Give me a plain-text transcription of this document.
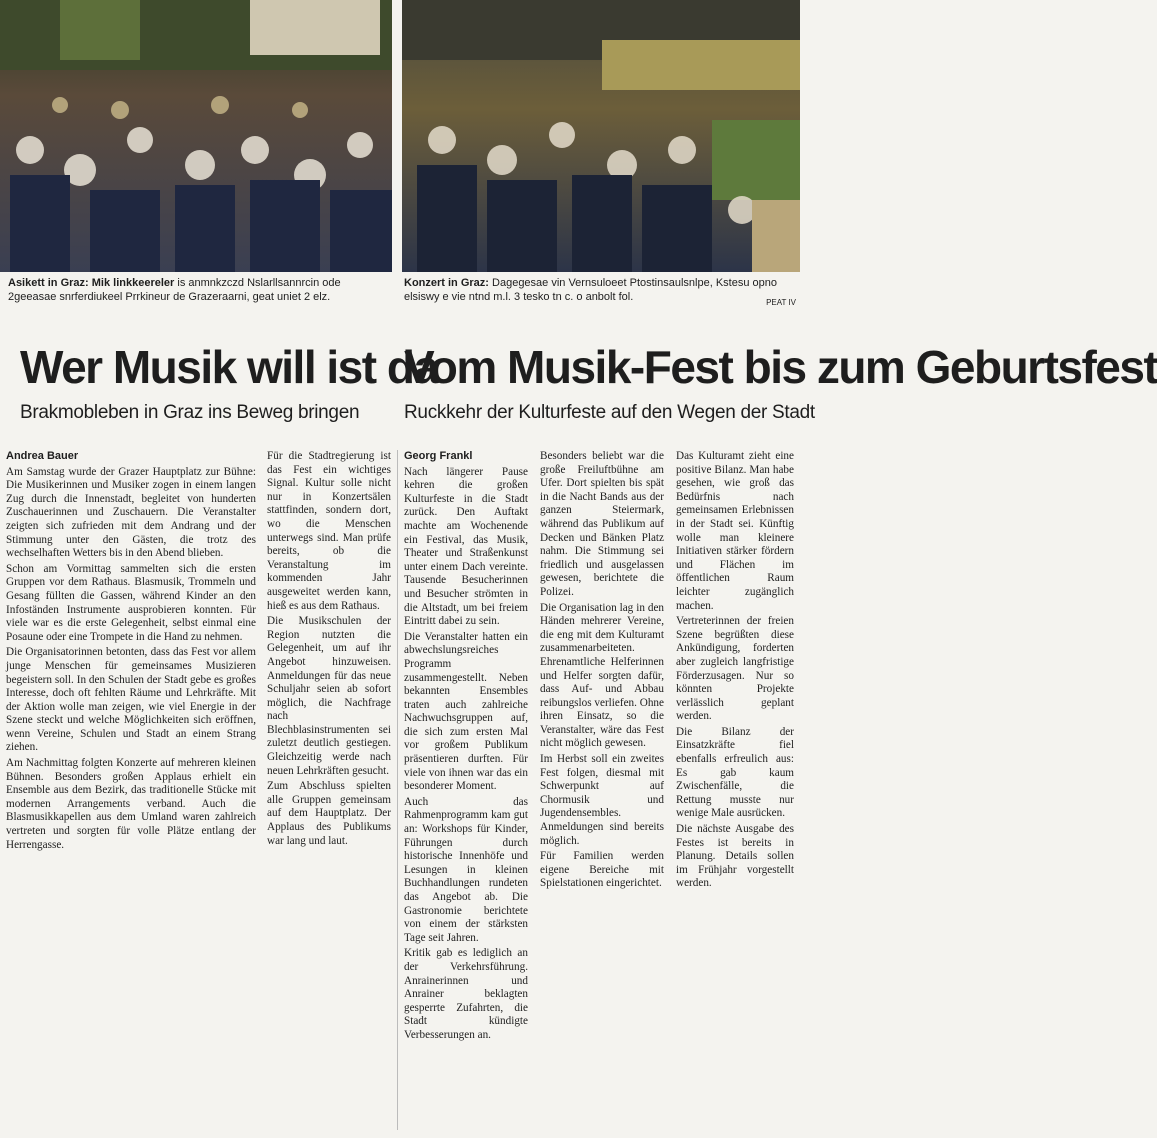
Asikett in Graz: Mik linkkeereler is anmnkzczd Nslarllsannrcin ode 2geeasae snrferdiukeel Prrkineur de Grazeraarni, geat uniet 2 elz.
Konzert in Graz: Dagegesae vin Vernsuloeet Ptostinsaulsnlpe, Kstesu opno elsiswy e vie ntnd m.l. 3 tesko tn c. o anbolt fol.	PEAT IV
Wer Musik will ist da
Vom Musik-Fest bis zum Geburtsfest
Brakmobleben in Graz ins Beweg bringen Ruckkehr der Kulturfeste auf den Wegen der Stadt

Andrea Bauer

Am Samstag wurde der Grazer Hauptplatz zur Bühne: Die Musikerinnen und Musiker zogen in einem langen Zug durch die Innenstadt, begleitet von hunderten Zuschauerinnen und Zuschauern. Die Veranstalter zeigten sich zufrieden mit dem Andrang und der Stimmung unter den Gästen, die trotz des wechselhaften Wetters bis in den Abend blieben.

Schon am Vormittag sammelten sich die ersten Gruppen vor dem Rathaus. Blasmusik, Trommeln und Gesang füllten die Gassen, während Kinder an den Infoständen Instrumente ausprobieren konnten. Für viele war es die erste Gelegenheit, selbst einmal eine Posaune oder eine Trompete in die Hand zu nehmen.

Die Organisatorinnen betonten, dass das Fest vor allem junge Menschen für gemeinsames Musizieren begeistern soll. In den Schulen der Stadt gebe es großes Interesse, doch oft fehlten Räume und Lehrkräfte. Mit der Aktion wolle man zeigen, wie viel Energie in der Szene steckt und welche Möglichkeiten sich eröffnen, wenn Vereine, Schulen und Stadt an einem Strang ziehen.

Am Nachmittag folgten Konzerte auf mehreren kleinen Bühnen. Besonders großen Applaus erhielt ein Ensemble aus dem Bezirk, das traditionelle Stücke mit modernen Arrangements verband. Auch die Blasmusikkapellen aus dem Umland waren zahlreich vertreten und sorgten für volle Plätze entlang der Herrengasse.

Für die Stadtregierung ist das Fest ein wichtiges Signal. Kultur solle nicht nur in Konzertsälen stattfinden, sondern dort, wo die Menschen unterwegs sind. Man prüfe bereits, ob die Veranstaltung im kommenden Jahr ausgeweitet werden kann, hieß es aus dem Rathaus.

Die Musikschulen der Region nutzten die Gelegenheit, um auf ihr Angebot hinzuweisen. Anmeldungen für das neue Schuljahr seien ab sofort möglich, die Nachfrage nach Blechblasinstrumenten sei zuletzt deutlich gestiegen. Gleichzeitig werde nach neuen Lehrkräften gesucht.

Zum Abschluss spielten alle Gruppen gemeinsam auf dem Hauptplatz. Der Applaus des Publikums war lang und laut.

Georg Frankl

Nach längerer Pause kehren die großen Kulturfeste in die Stadt zurück. Den Auftakt machte am Wochenende ein Festival, das Musik, Theater und Straßenkunst unter einem Dach vereinte. Tausende Besucherinnen und Besucher strömten in die Altstadt, um bei freiem Eintritt dabei zu sein.

Die Veranstalter hatten ein abwechslungsreiches Programm zusammengestellt. Neben bekannten Ensembles traten auch zahlreiche Nachwuchsgruppen auf, die sich zum ersten Mal vor großem Publikum präsentieren durften. Für viele von ihnen war das ein besonderer Moment.

Auch das Rahmenprogramm kam gut an: Workshops für Kinder, Führungen durch historische Innenhöfe und Lesungen in kleinen Buchhandlungen rundeten das Angebot ab. Die Gastronomie berichtete von einem der stärksten Tage seit Jahren.

Kritik gab es lediglich an der Verkehrsführung. Anrainerinnen und Anrainer beklagten gesperrte Zufahrten, die Stadt kündigte Verbesserungen an.

Besonders beliebt war die große Freiluftbühne am Ufer. Dort spielten bis spät in die Nacht Bands aus der ganzen Steiermark, während das Publikum auf Decken und Bänken Platz nahm. Die Stimmung sei friedlich und ausgelassen gewesen, berichtete die Polizei.

Die Organisation lag in den Händen mehrerer Vereine, die eng mit dem Kulturamt zusammenarbeiteten. Ehrenamtliche Helferinnen und Helfer sorgten dafür, dass Auf- und Abbau reibungslos verliefen. Ohne ihren Einsatz, so die Veranstalter, wäre das Fest nicht möglich gewesen.

Im Herbst soll ein zweites Fest folgen, diesmal mit Schwerpunkt auf Chormusik und Jugendensembles. Anmeldungen sind bereits möglich.

Für Familien werden eigene Bereiche mit Spielstationen eingerichtet.

Das Kulturamt zieht eine positive Bilanz. Man habe gesehen, wie groß das Bedürfnis nach gemeinsamen Erlebnissen in der Stadt sei. Künftig wolle man kleinere Initiativen stärker fördern und Flächen im öffentlichen Raum leichter zugänglich machen.

Vertreterinnen der freien Szene begrüßten diese Ankündigung, forderten aber zugleich langfristige Förderzusagen. Nur so könnten Projekte verlässlich geplant werden.

Die Bilanz der Einsatzkräfte fiel ebenfalls erfreulich aus: Es gab kaum Zwischenfälle, die Rettung musste nur wenige Male ausrücken.

Die nächste Ausgabe des Festes ist bereits in Planung. Details sollen im Frühjahr vorgestellt werden.
